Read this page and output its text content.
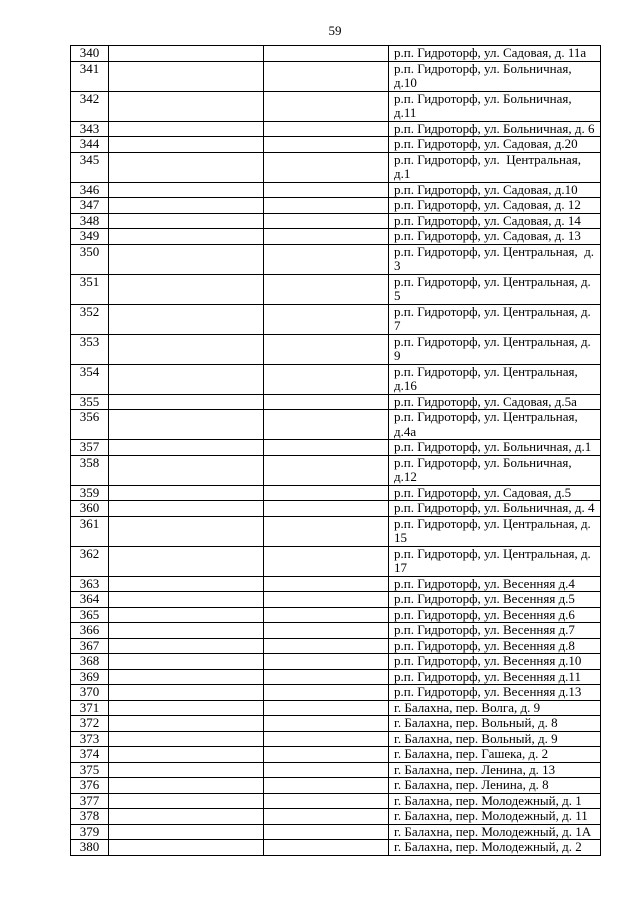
59
340			р.п. Гидроторф, ул. Садовая, д. 11а
341			р.п. Гидроторф, ул. Больничная,
д.10
342			р.п. Гидроторф, ул. Больничная,
д.11
343			р.п. Гидроторф, ул. Больничная, д. 6
344			р.п. Гидроторф, ул. Садовая, д.20
345			р.п. Гидроторф, ул.  Центральная,
д.1
346			р.п. Гидроторф, ул. Садовая, д.10
347			р.п. Гидроторф, ул. Садовая, д. 12
348			р.п. Гидроторф, ул. Садовая, д. 14
349			р.п. Гидроторф, ул. Садовая, д. 13
350			р.п. Гидроторф, ул. Центральная,  д.
3
351			р.п. Гидроторф, ул. Центральная, д.
5
352			р.п. Гидроторф, ул. Центральная, д.
7
353			р.п. Гидроторф, ул. Центральная, д.
9
354			р.п. Гидроторф, ул. Центральная,
д.16
355			р.п. Гидроторф, ул. Садовая, д.5а
356			р.п. Гидроторф, ул. Центральная,
д.4а
357			р.п. Гидроторф, ул. Больничная, д.1
358			р.п. Гидроторф, ул. Больничная,
д.12
359			р.п. Гидроторф, ул. Садовая, д.5
360			р.п. Гидроторф, ул. Больничная, д. 4
361			р.п. Гидроторф, ул. Центральная, д.
15
362			р.п. Гидроторф, ул. Центральная, д.
17
363			р.п. Гидроторф, ул. Весенняя д.4
364			р.п. Гидроторф, ул. Весенняя д.5
365			р.п. Гидроторф, ул. Весенняя д.6
366			р.п. Гидроторф, ул. Весенняя д.7
367			р.п. Гидроторф, ул. Весенняя д.8
368			р.п. Гидроторф, ул. Весенняя д.10
369			р.п. Гидроторф, ул. Весенняя д.11
370			р.п. Гидроторф, ул. Весенняя д.13
371			г. Балахна, пер. Волга, д. 9
372			г. Балахна, пер. Вольный, д. 8
373			г. Балахна, пер. Вольный, д. 9
374			г. Балахна, пер. Гашека, д. 2
375			г. Балахна, пер. Ленина, д. 13
376			г. Балахна, пер. Ленина, д. 8
377			г. Балахна, пер. Молодежный, д. 1
378			г. Балахна, пер. Молодежный, д. 11
379			г. Балахна, пер. Молодежный, д. 1А
380			г. Балахна, пер. Молодежный, д. 2
